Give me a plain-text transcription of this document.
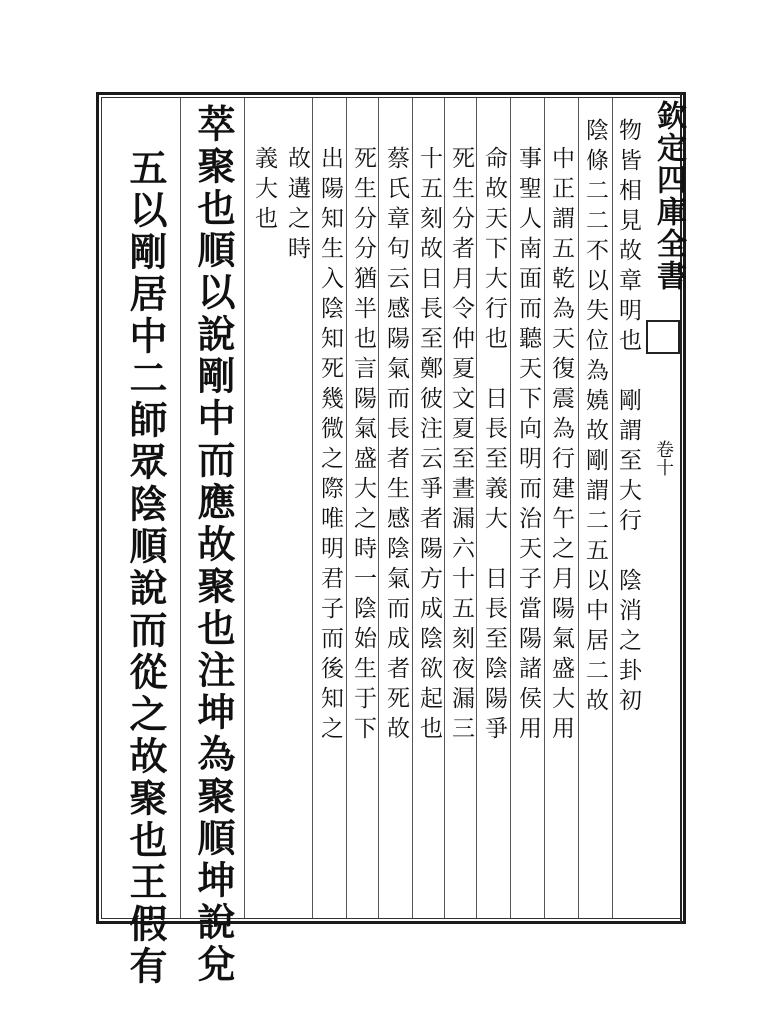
欽定四庫全書
卷十
物皆相見故章明也　剛謂至大行　陰消之卦初
陰條二二不以失位為嬈故剛謂二五以中居二故
中正謂五乾為天復震為行建午之月陽氣盛大用
事聖人南面而聽天下向明而治天子當陽諸侯用
命故天下大行也　日長至義大　日長至陰陽爭
死生分者月令仲夏文夏至晝漏六十五刻夜漏三
十五刻故日長至鄭彼注云爭者陽方成陰欲起也
蔡氏章句云感陽氣而長者生感陰氣而成者死故
死生分分猶半也言陽氣盛大之時一陰始生于下
出陽知生入陰知死幾微之際唯明君子而後知之
故遘之時
義大也
萃聚也順以說剛中而應故聚也注坤為聚順坤說兌
五以剛居中二師眾陰順說而從之故聚也王假有
